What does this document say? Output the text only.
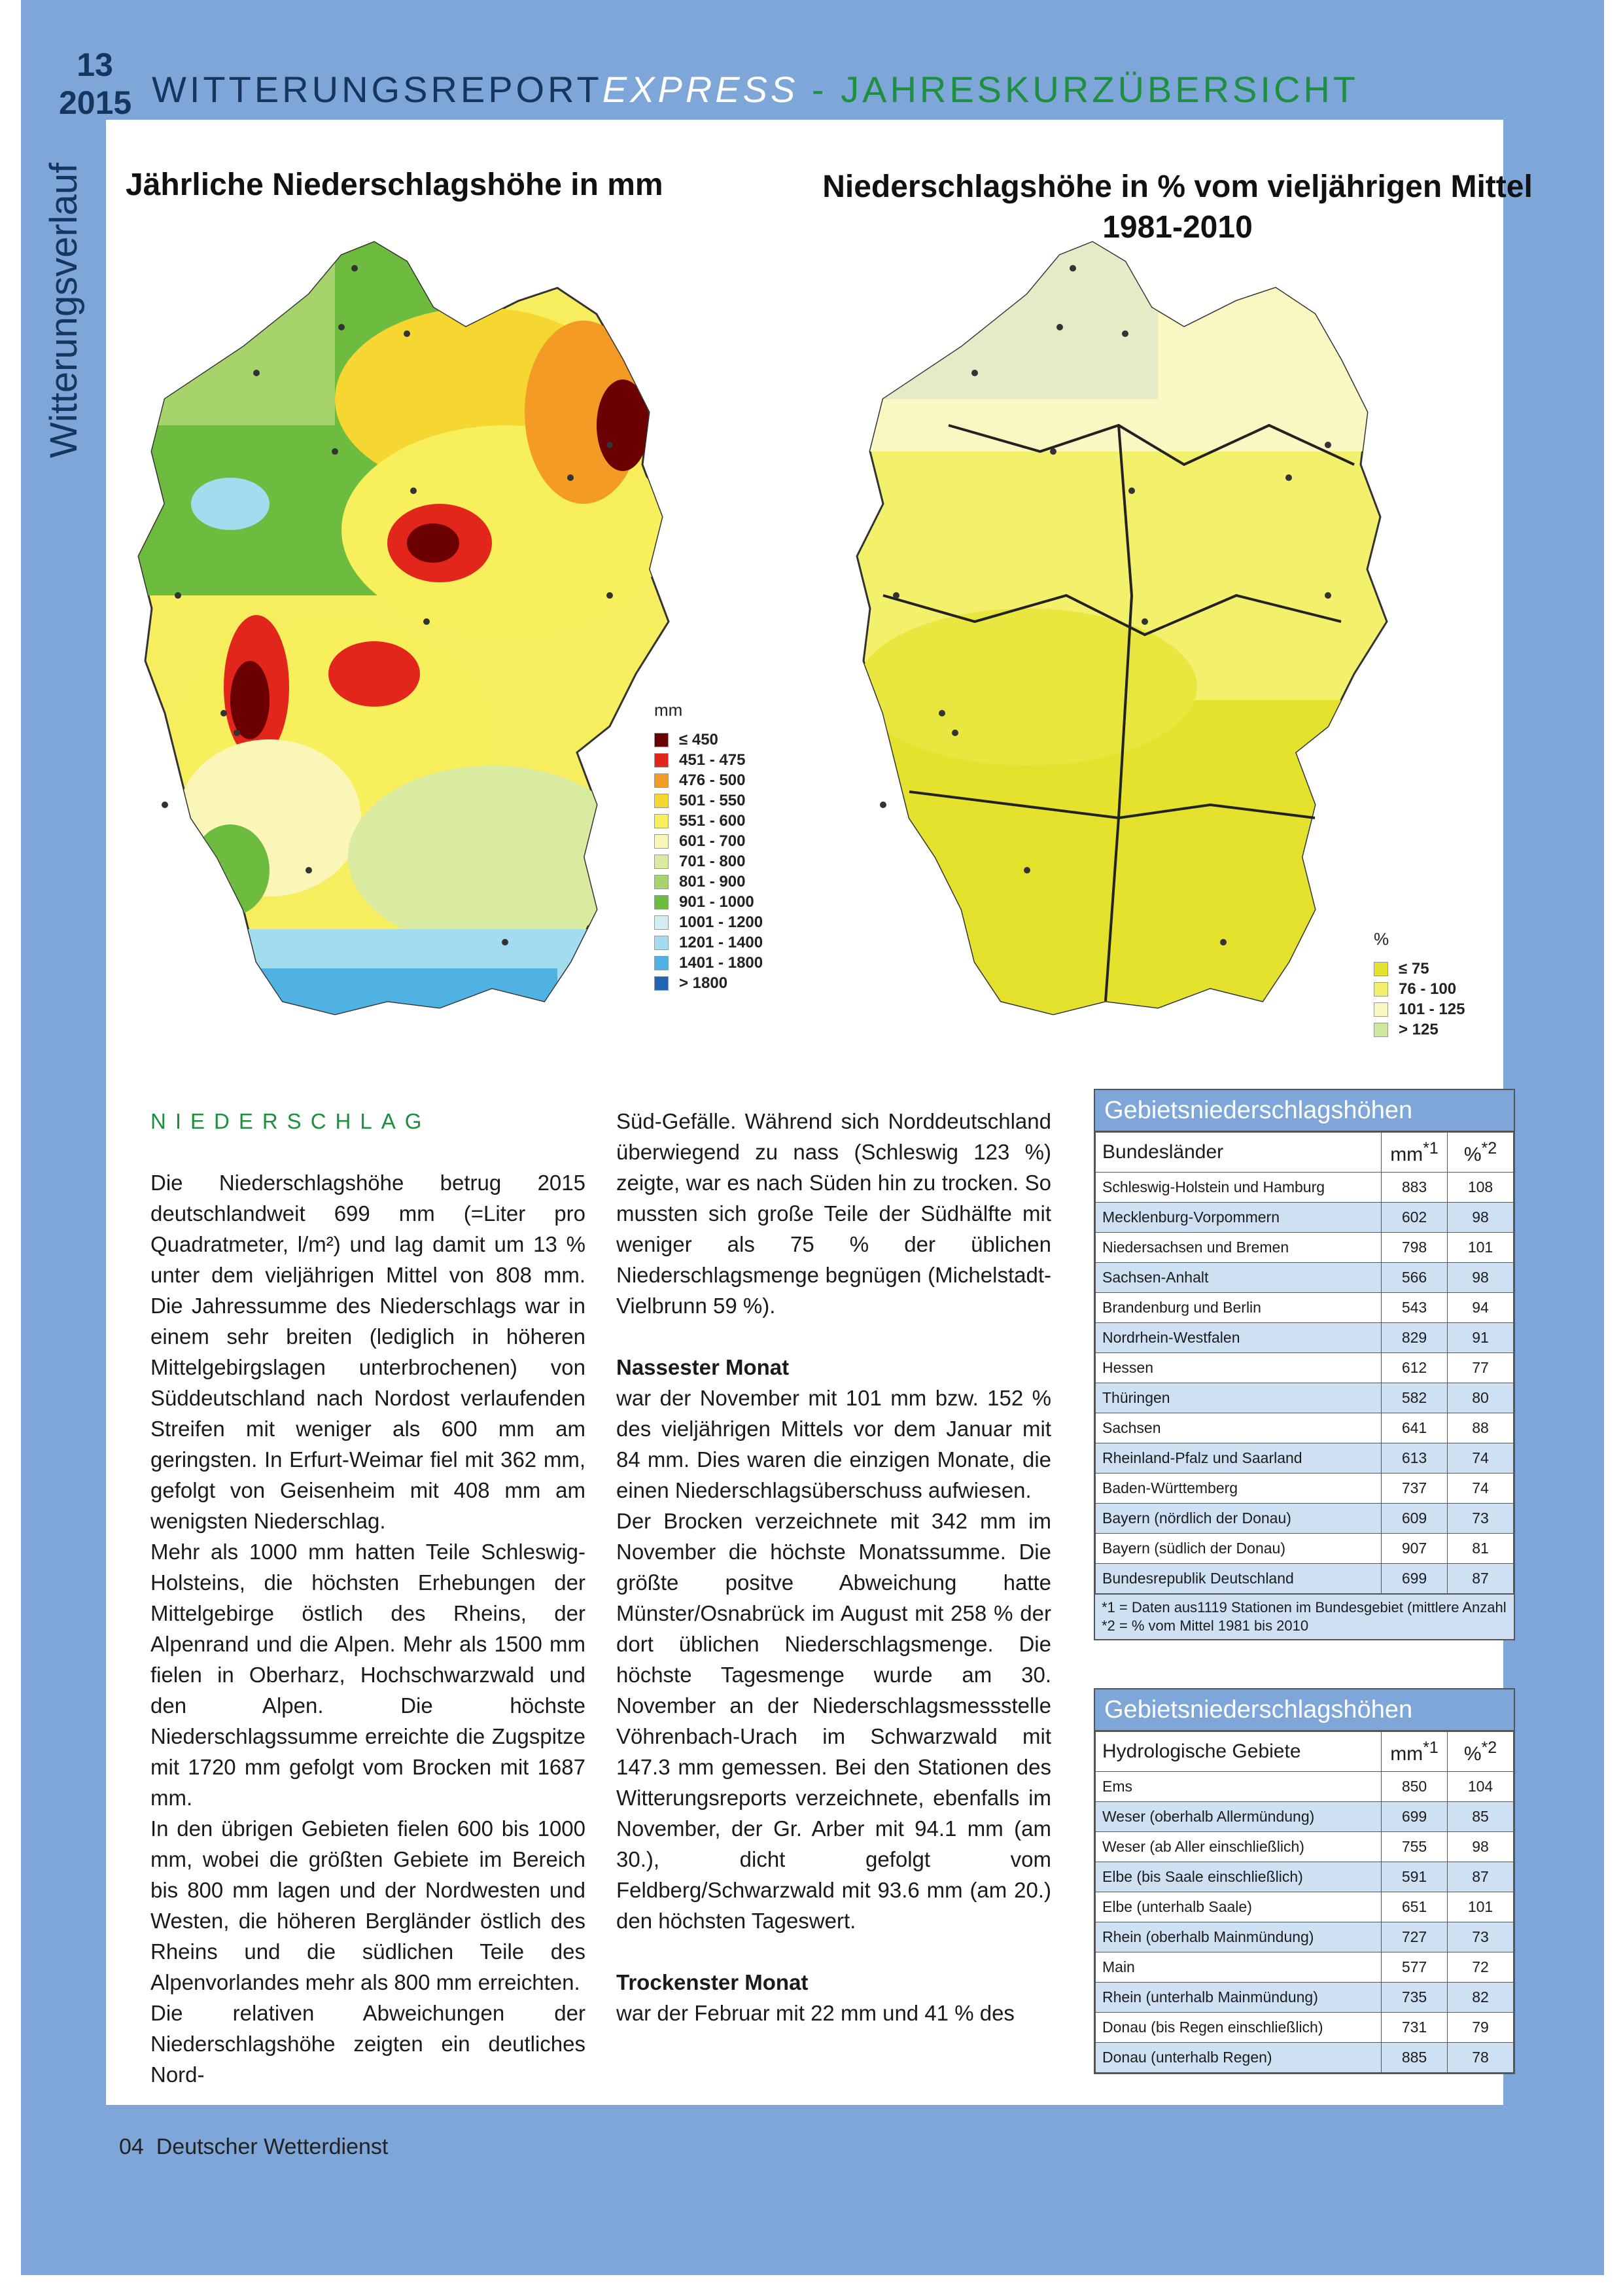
13
2015 WITTERUNGSREPORTEXPRESS - JAHRESKURZÜBERSICHT
Witterungsverlauf Jährliche Niederschlagshöhe in mm	Niederschlagshöhe in % vom vieljährigen Mittel
1981-2010
mm
≤ 450
451 - 475
476 - 500
501 - 550
551 - 600
601 - 700
701 - 800
801 - 900
901 - 1000
1001 - 1200
1201 - 1400
1401 - 1800
> 1800
%
≤ 75
76 - 100
101 - 125
> 125
NIEDERSCHLAG
Die Niederschlagshöhe betrug 2015 deutschlandweit 699 mm (=Liter pro Quadratmeter, l/m²) und lag damit um 13 % unter dem vieljährigen Mittel von 808 mm. Die Jahressumme des Niederschlags war in einem sehr breiten (lediglich in höheren Mittelgebirgslagen unterbrochenen) von Süddeutschland nach Nordost verlaufenden Streifen mit weniger als 600 mm am geringsten. In Erfurt-Weimar fiel mit 362 mm, gefolgt von Geisenheim mit 408 mm am wenigsten Niederschlag.
Mehr als 1000 mm hatten Teile Schleswig-Holsteins, die höchsten Erhebungen der Mittelgebirge östlich des Rheins, der Alpenrand und die Alpen. Mehr als 1500 mm fielen in Oberharz, Hochschwarzwald und den Alpen. Die höchste Niederschlagssumme erreichte die Zugspitze mit 1720 mm gefolgt vom Brocken mit 1687 mm.
In den übrigen Gebieten fielen 600 bis 1000 mm, wobei die größten Gebiete im Bereich bis 800 mm lagen und der Nordwesten und Westen, die höheren Bergländer östlich des Rheins und die südlichen Teile des Alpenvorlandes mehr als 800 mm erreichten.
Die relativen Abweichungen der Niederschlagshöhe zeigten ein deutliches Nord-
Süd-Gefälle. Während sich Norddeutschland überwiegend zu nass (Schleswig 123 %) zeigte, war es nach Süden hin zu trocken. So mussten sich große Teile der Südhälfte mit weniger als 75 % der üblichen Niederschlagsmenge begnügen (Michelstadt-Vielbrunn 59 %).
Nassester Monat
war der November mit 101 mm bzw. 152 % des vieljährigen Mittels vor dem Januar mit 84 mm. Dies waren die einzigen Monate, die einen Niederschlagsüberschuss aufwiesen.
Der Brocken verzeichnete mit 342 mm im November die höchste Monatssumme. Die größte positve Abweichung hatte Münster/Osnabrück im August mit 258 % der dort üblichen Niederschlagsmenge. Die höchste Tagesmenge wurde am 30. November an der Niederschlagsmessstelle Vöhrenbach-Urach im Schwarzwald mit 147.3 mm gemessen. Bei den Stationen des Witterungsreports verzeichnete, ebenfalls im November, der Gr. Arber mit 94.1 mm (am 30.), dicht gefolgt vom Feldberg/Schwarzwald mit 93.6 mm (am 20.) den höchsten Tageswert.
Trockenster Monat
war der Februar mit 22 mm und 41 % des
Gebietsniederschlagshöhen
Bundesländer	$mm^{*1}$	%$^{*2}$
Schleswig-Holstein und Hamburg	883	108
Mecklenburg-Vorpommern	602	98
Niedersachsen und Bremen	798	101
Sachsen-Anhalt	566	98
Brandenburg und Berlin	543	94
Nordrhein-Westfalen	829	91
Hessen	612	77
Thüringen	582	80
Sachsen	641	88
Rheinland-Pfalz und Saarland	613	74
Baden-Württemberg	737	74
Bayern (nördlich der Donau)	609	73
Bayern (südlich der Donau)	907	81
Bundesrepublik Deutschland	699	87
*1 = Daten aus1119 Stationen im Bundesgebiet (mittlere Anzahl
*2 = % vom Mittel 1981 bis 2010
Gebietsniederschlagshöhen
Hydrologische Gebiete	$mm^{*1}$	%$^{*2}$
Ems	850	104
Weser (oberhalb Allermündung)	699	85
Weser (ab Aller einschließlich)	755	98
Elbe (bis Saale einschließlich)	591	87
Elbe (unterhalb Saale)	651	101
Rhein (oberhalb Mainmündung)	727	73
Main	577	72
Rhein (unterhalb Mainmündung)	735	82
Donau (bis Regen einschließlich)	731	79
Donau (unterhalb Regen)	885	78
04 Deutscher Wetterdienst
